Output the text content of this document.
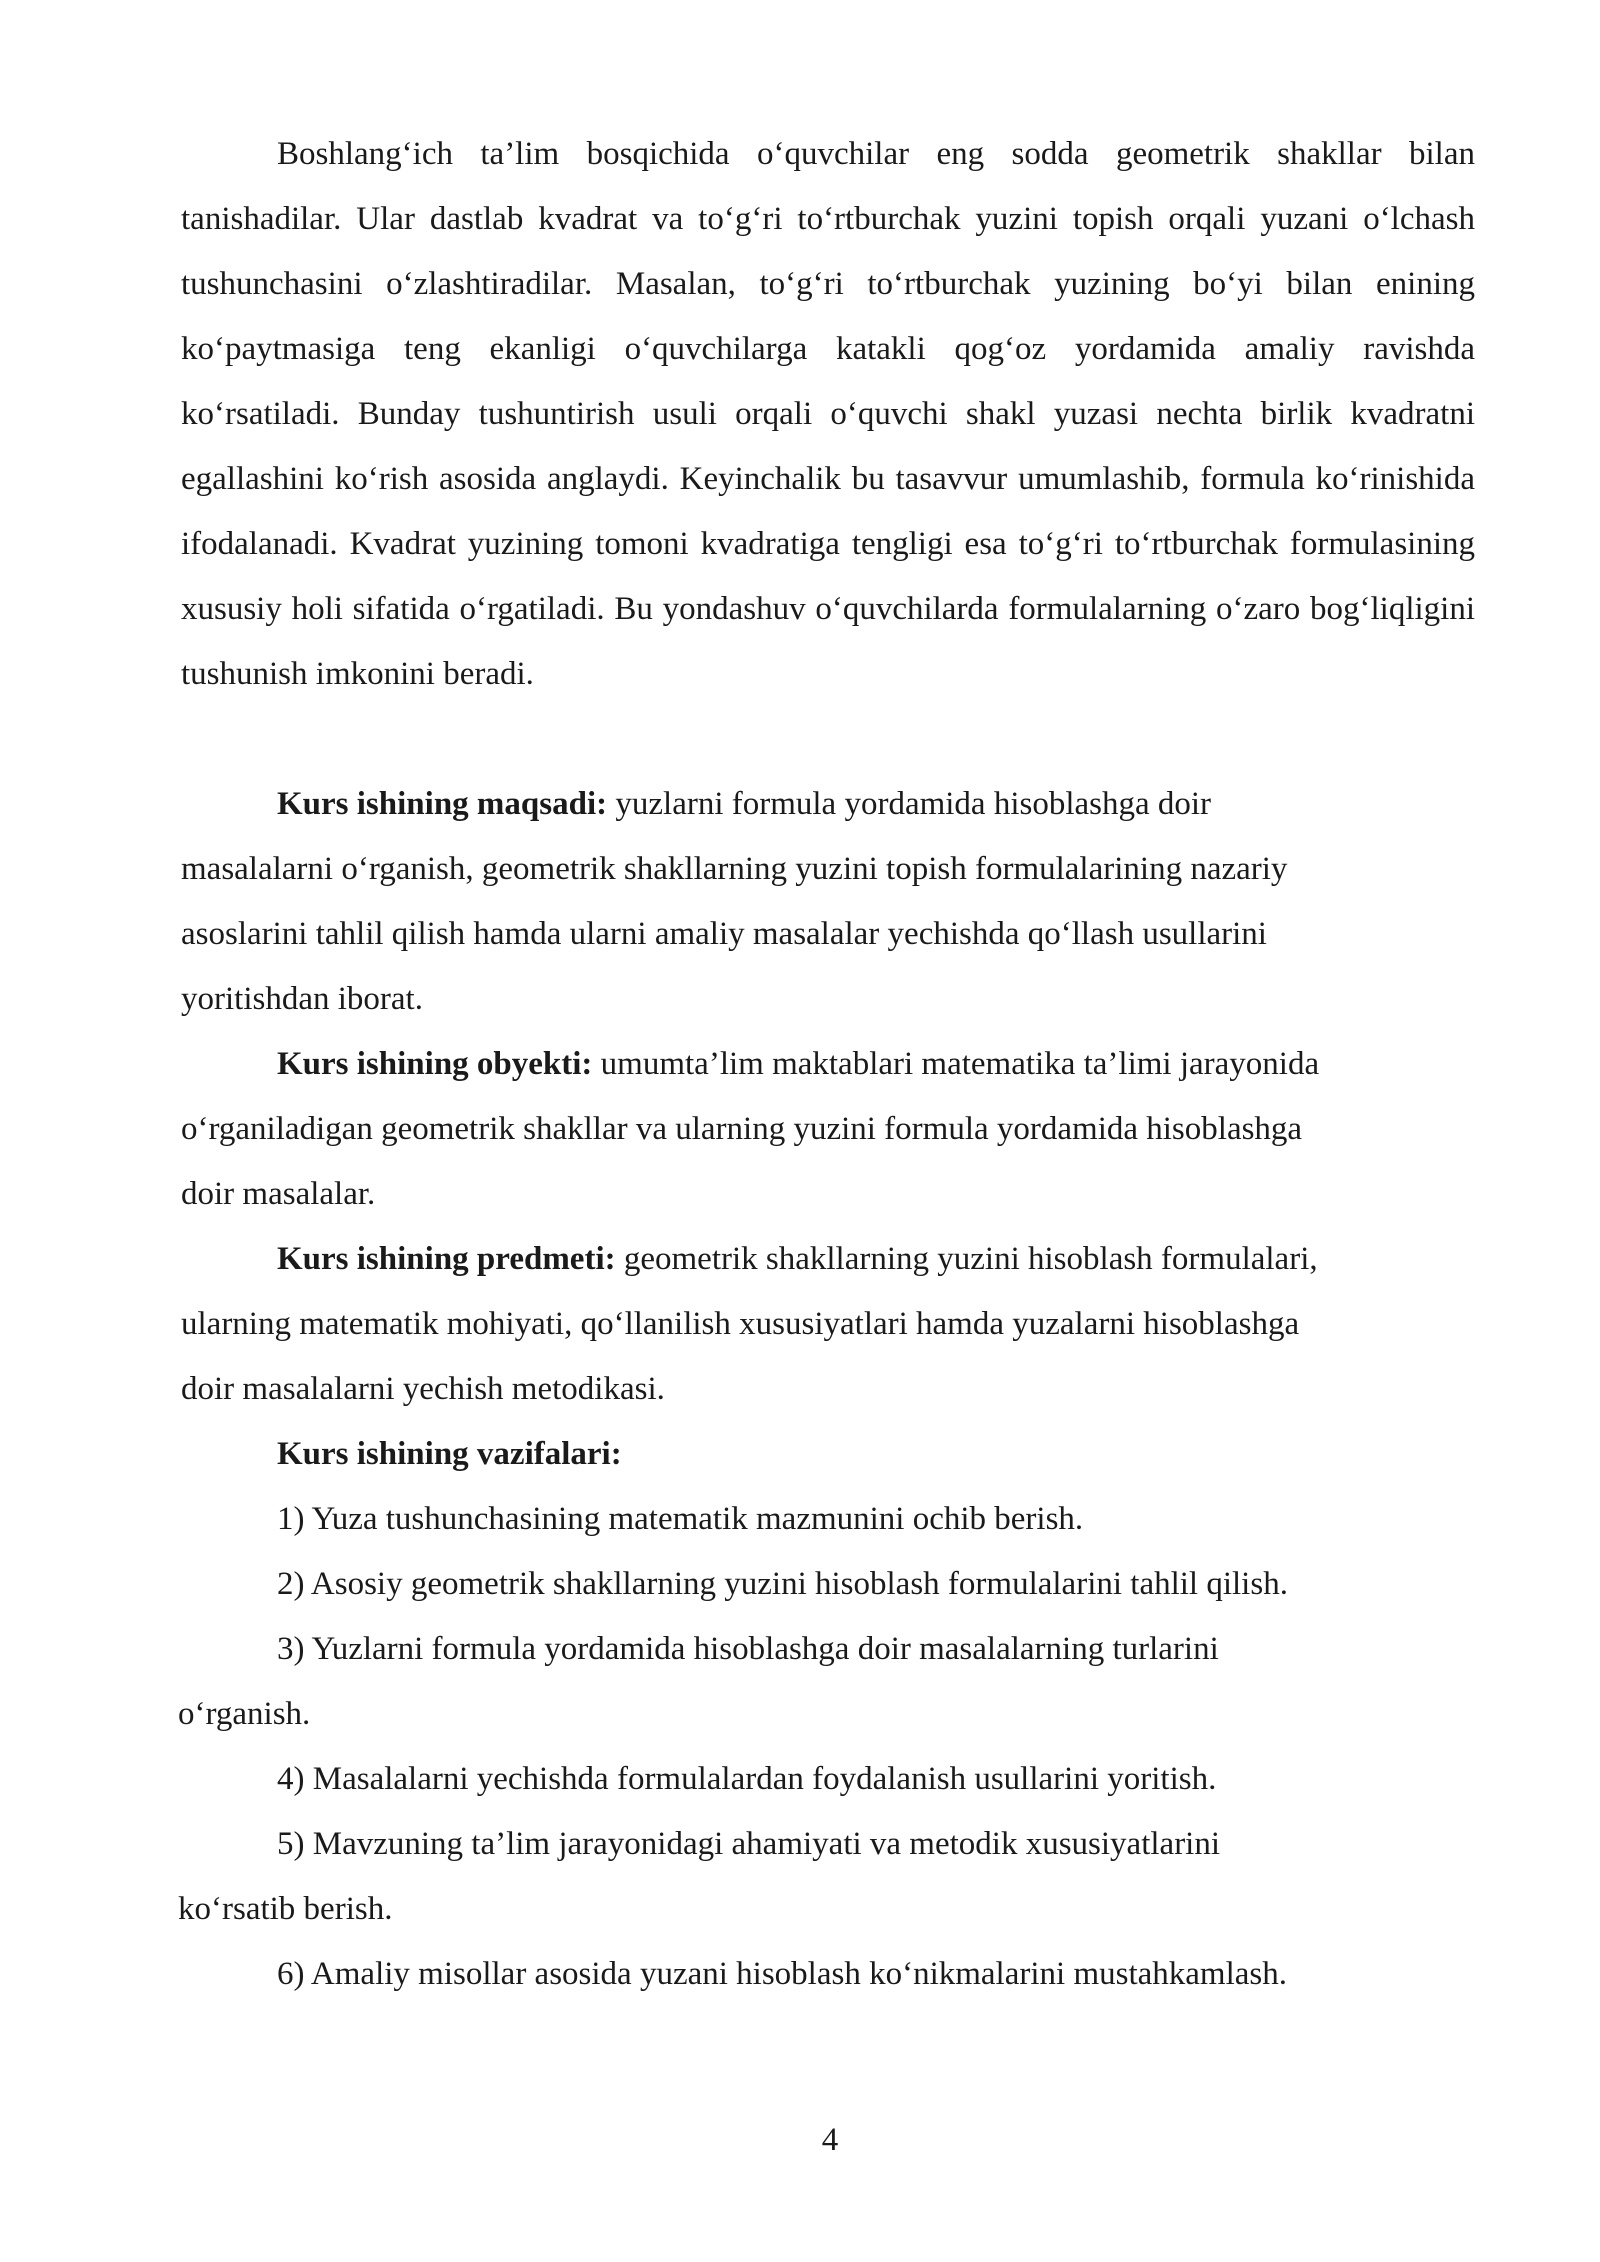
Boshlang‘ich ta’lim bosqichida o‘quvchilar eng sodda geometrik shakllar bilan tanishadilar. Ular dastlab kvadrat va to‘g‘ri to‘rtburchak yuzini topish orqali yuzani o‘lchash tushunchasini o‘zlashtiradilar. Masalan, to‘g‘ri to‘rtburchak yuzining bo‘yi bilan enining ko‘paytmasiga teng ekanligi o‘quvchilarga katakli qog‘oz yordamida amaliy ravishda ko‘rsatiladi. Bunday tushuntirish usuli orqali o‘quvchi shakl yuzasi nechta birlik kvadratni egallashini ko‘rish asosida anglaydi. Keyinchalik bu tasavvur umumlashib, formula ko‘rinishida ifodalanadi. Kvadrat yuzining tomoni kvadratiga tengligi esa to‘g‘ri to‘rtburchak formulasining xususiy holi sifatida o‘rgatiladi. Bu yondashuv o‘quvchilarda formulalarning o‘zaro bog‘liqligini tushunish imkonini beradi.

Kurs ishining maqsadi: yuzlarni formula yordamida hisoblashga doir

masalalarni o‘rganish, geometrik shakllarning yuzini topish formulalarining nazariy
asoslarini tahlil qilish hamda ularni amaliy masalalar yechishda qo‘llash usullarini
yoritishdan iborat.

Kurs ishining obyekti: umumta’lim maktablari matematika ta’limi jarayonida

o‘rganiladigan geometrik shakllar va ularning yuzini formula yordamida hisoblashga
doir masalalar.

Kurs ishining predmeti: geometrik shakllarning yuzini hisoblash formulalari,

ularning matematik mohiyati, qo‘llanilish xususiyatlari hamda yuzalarni hisoblashga
doir masalalarni yechish metodikasi.

Kurs ishining vazifalari:

1) Yuza tushunchasining matematik mazmunini ochib berish.

2) Asosiy geometrik shakllarning yuzini hisoblash formulalarini tahlil qilish.

3) Yuzlarni formula yordamida hisoblashga doir masalalarning turlarini

o‘rganish.

4) Masalalarni yechishda formulalardan foydalanish usullarini yoritish.

5) Mavzuning ta’lim jarayonidagi ahamiyati va metodik xususiyatlarini

ko‘rsatib berish.

6) Amaliy misollar asosida yuzani hisoblash ko‘nikmalarini mustahkamlash.

4
